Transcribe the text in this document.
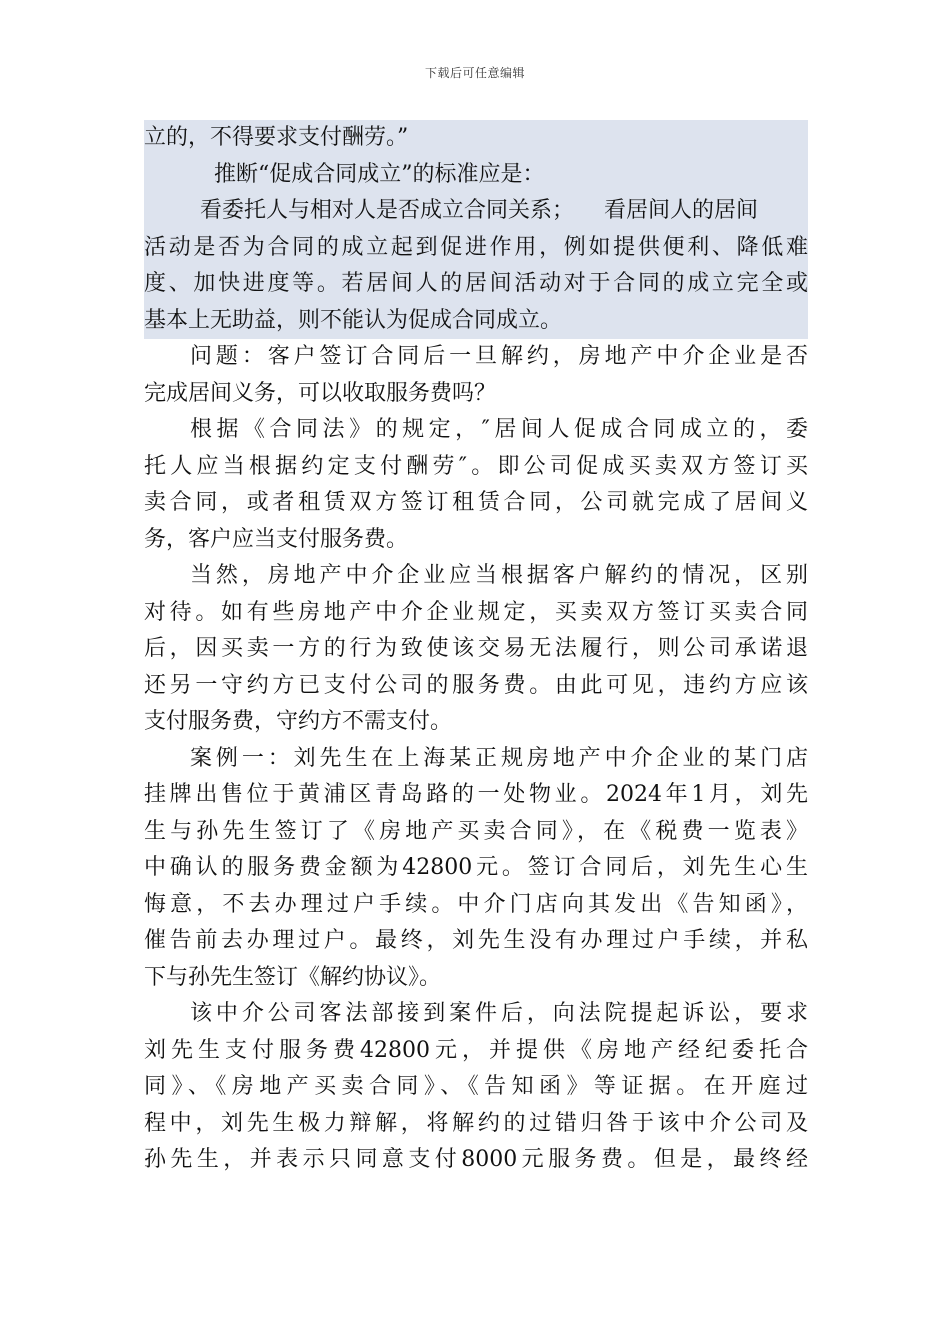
下载后可任意编辑
立的，不得要求支付酬劳。”
推断“促成合同成立”的标准应是：
看委托人与相对人是否成立合同关系； 看居间人的居间
活动是否为合同的成立起到促进作用，例如提供便利、降低难
度、加快进度等。若居间人的居间活动对于合同的成立完全或
基本上无助益，则不能认为促成合同成立。
问题：客户签订合同后一旦解约，房地产中介企业是否
完成居间义务，可以收取服务费吗？
根据《合同法》的规定，″居间人促成合同成立的，委
托人应当根据约定支付酬劳″。即公司促成买卖双方签订买
卖合同，或者租赁双方签订租赁合同，公司就完成了居间义
务，客户应当支付服务费。
当然，房地产中介企业应当根据客户解约的情况，区别
对待。如有些房地产中介企业规定，买卖双方签订买卖合同
后，因买卖一方的行为致使该交易无法履行，则公司承诺退
还另一守约方已支付公司的服务费。由此可见，违约方应该
支付服务费，守约方不需支付。
案例一：刘先生在上海某正规房地产中介企业的某门店
挂牌出售位于黄浦区青岛路的一处物业。2024年1月，刘先
生与孙先生签订了《房地产买卖合同》，在《税费一览表》
中确认的服务费金额为42800元。签订合同后，刘先生心生
悔意，不去办理过户手续。中介门店向其发出《告知函》，
催告前去办理过户。最终，刘先生没有办理过户手续，并私
下与孙先生签订《解约协议》。
该中介公司客法部接到案件后，向法院提起诉讼，要求
刘先生支付服务费42800元，并提供《房地产经纪委托合
同》、《房地产买卖合同》、《告知函》等证据。在开庭过
程中，刘先生极力辩解，将解约的过错归咎于该中介公司及
孙先生，并表示只同意支付8000元服务费。但是，最终经
